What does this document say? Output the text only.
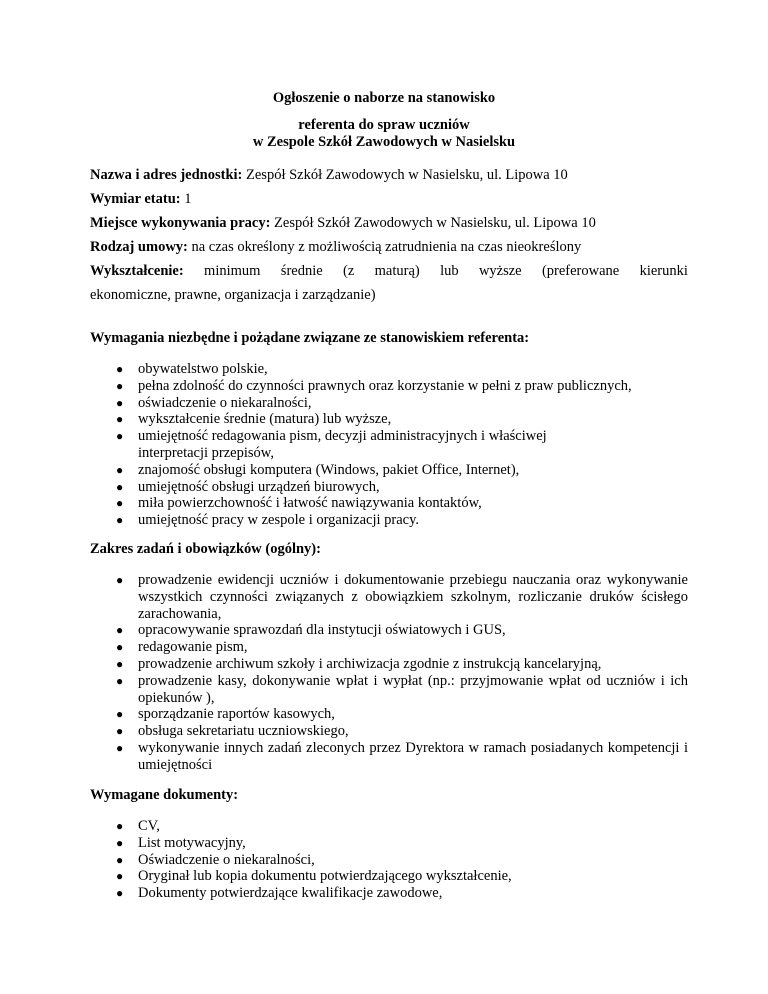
Ogłoszenie o naborze na stanowisko
referenta do spraw uczniów
w Zespole Szkół Zawodowych w Nasielsku
Nazwa i adres jednostki: Zespół Szkół Zawodowych w Nasielsku, ul. Lipowa 10
Wymiar etatu: 1
Miejsce wykonywania pracy: Zespół Szkół Zawodowych w Nasielsku, ul. Lipowa 10
Rodzaj umowy: na czas określony z możliwością zatrudnienia na czas nieokreślony
Wykształcenie: minimum średnie (z maturą) lub wyższe (preferowane kierunki
ekonomiczne, prawne, organizacja i zarządzanie)
Wymagania niezbędne i pożądane związane ze stanowiskiem referenta:
● obywatelstwo polskie,
● pełna zdolność do czynności prawnych oraz korzystanie w pełni z praw publicznych,
● oświadczenie o niekaralności,
● wykształcenie średnie (matura) lub wyższe,
● umiejętność redagowania pism, decyzji administracyjnych i właściwej interpretacji przepisów,
● znajomość obsługi komputera (Windows, pakiet Office, Internet),
● umiejętność obsługi urządzeń biurowych,
● miła powierzchowność i łatwość nawiązywania kontaktów,
● umiejętność pracy w zespole i organizacji pracy.
Zakres zadań i obowiązków (ogólny):
● prowadzenie ewidencji uczniów i dokumentowanie przebiegu nauczania oraz wykonywanie wszystkich czynności związanych z obowiązkiem szkolnym, rozliczanie druków ścisłego zarachowania,
● opracowywanie sprawozdań dla instytucji oświatowych i GUS,
● redagowanie pism,
● prowadzenie archiwum szkoły i archiwizacja zgodnie z instrukcją kancelaryjną,
● prowadzenie kasy, dokonywanie wpłat i wypłat (np.: przyjmowanie wpłat od uczniów i ich opiekunów ),
● sporządzanie raportów kasowych,
● obsługa sekretariatu uczniowskiego,
● wykonywanie innych zadań zleconych przez Dyrektora w ramach posiadanych kompetencji i umiejętności
Wymagane dokumenty:
● CV,
● List motywacyjny,
● Oświadczenie o niekaralności,
● Oryginał lub kopia dokumentu potwierdzającego wykształcenie,
● Dokumenty potwierdzające kwalifikacje zawodowe,
